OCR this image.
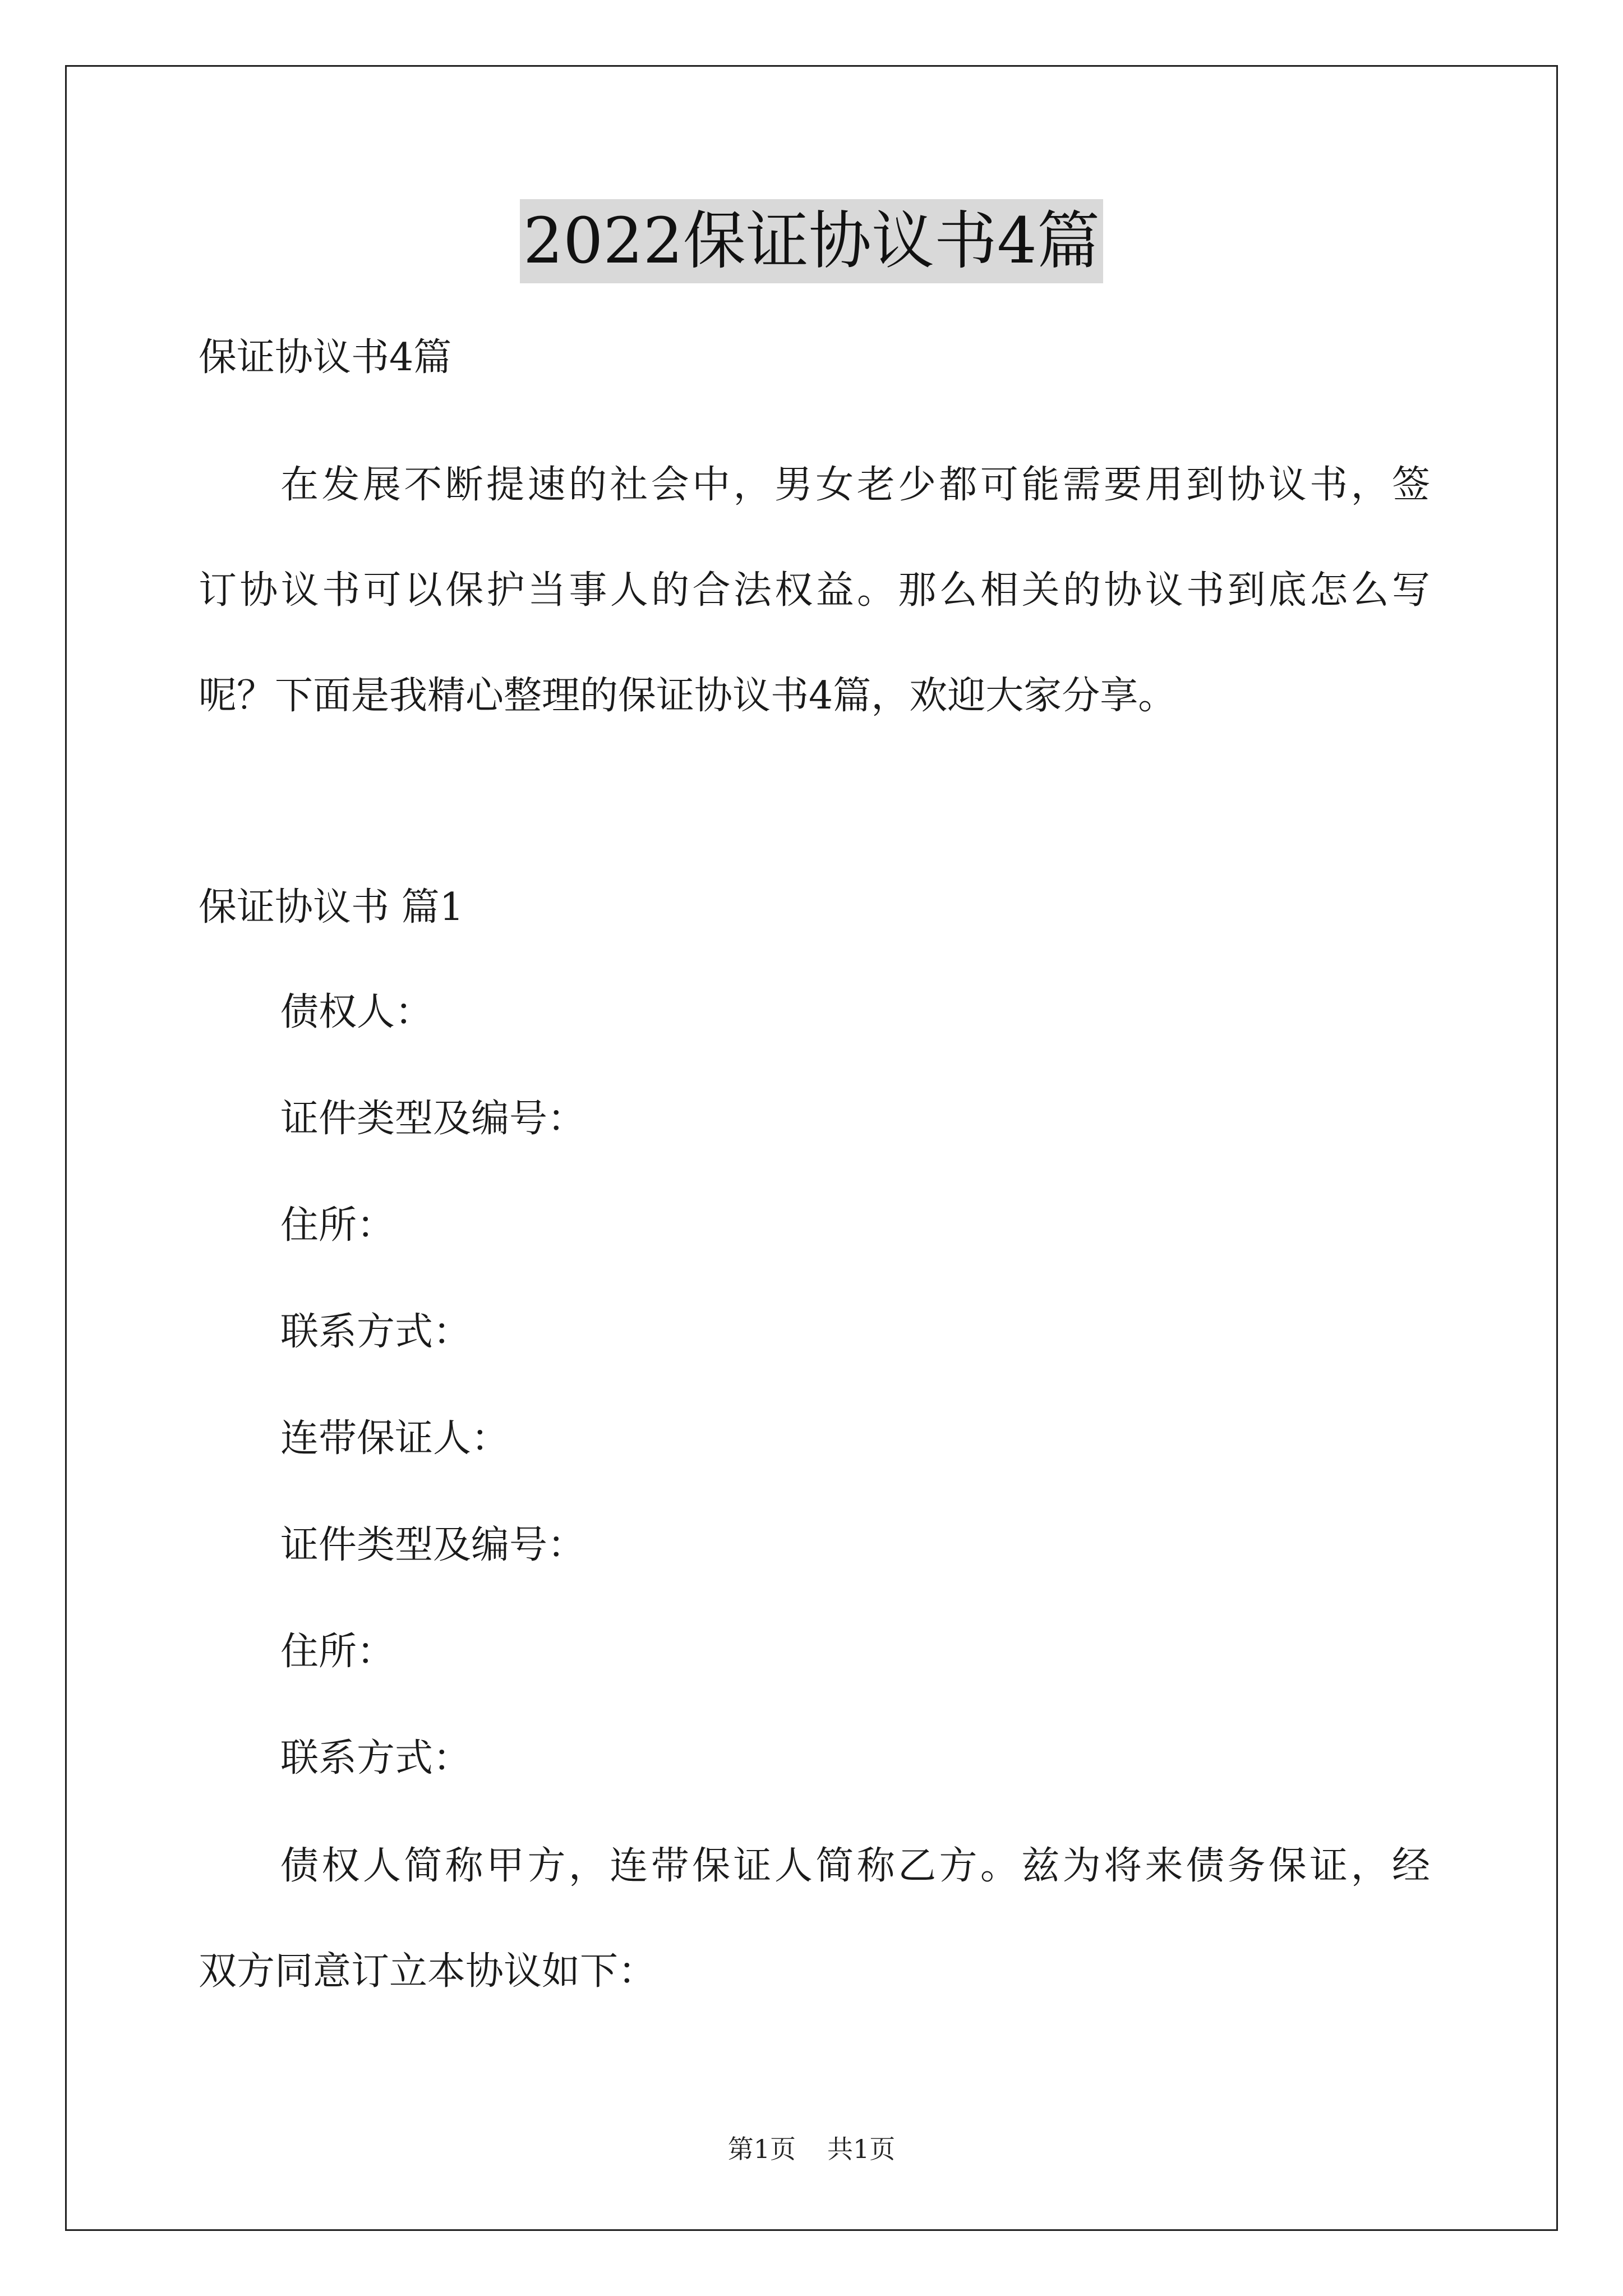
2022保证协议书4篇
保证协议书4篇
在发展不断提速的社会中，男女老少都可能需要用到协议书，签
订协议书可以保护当事人的合法权益。那么相关的协议书到底怎么写
呢？下面是我精心整理的保证协议书4篇，欢迎大家分享。
保证协议书 篇1
债权人：
证件类型及编号：
住所：
联系方式：
连带保证人：
证件类型及编号：
住所：
联系方式：
债权人简称甲方，连带保证人简称乙方。兹为将来债务保证，经
双方同意订立本协议如下：
第1页 共1页
